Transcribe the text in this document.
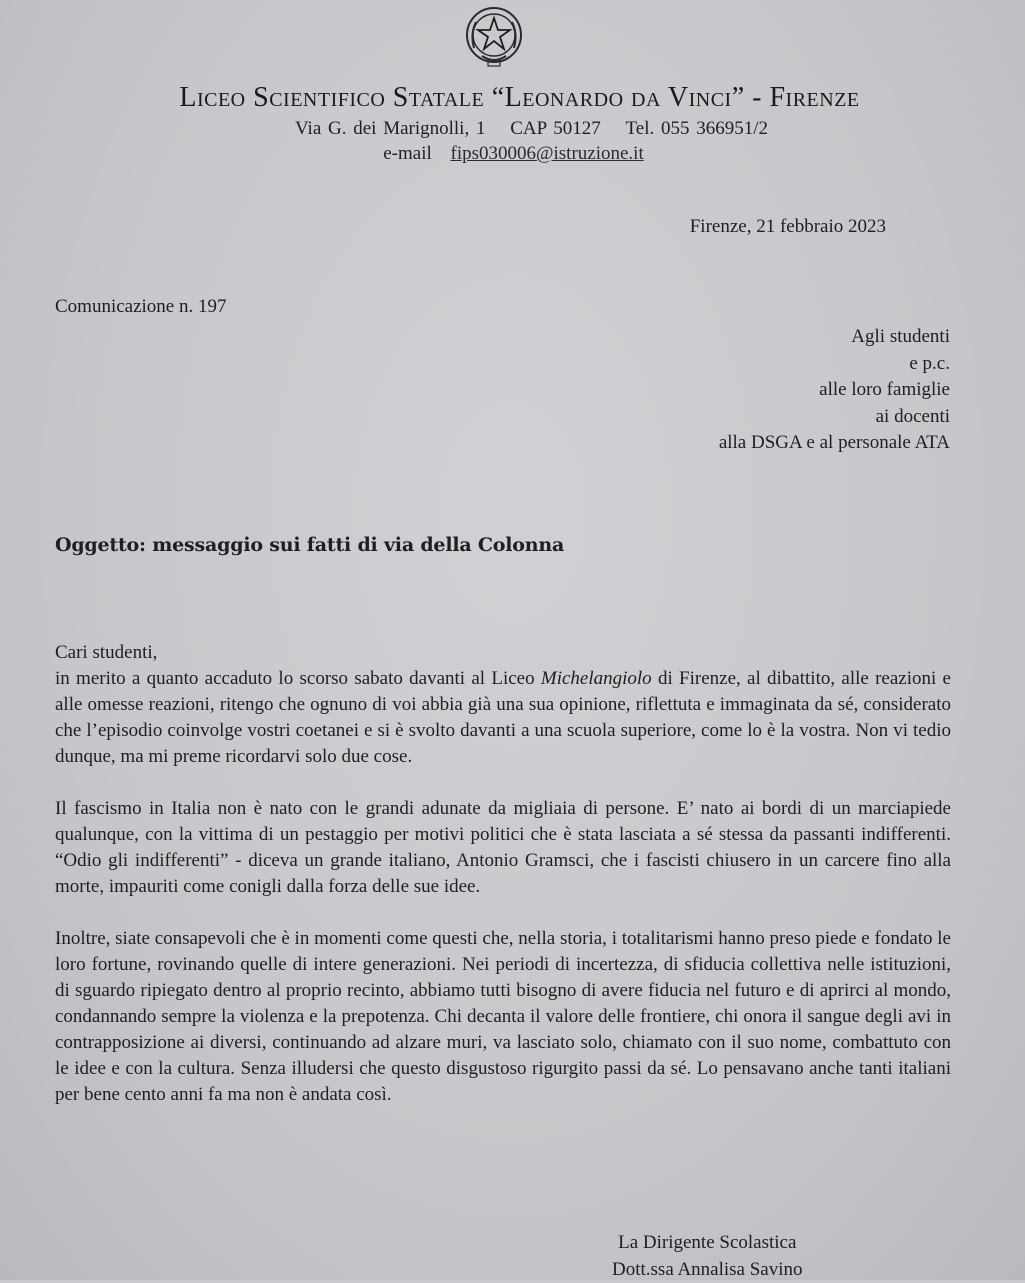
Liceo Scientifico Statale “Leonardo da Vinci” - Firenze
Via G. dei Marignolli, 1 CAP 50127 Tel. 055 366951/2
e-mail fips030006@istruzione.it
Firenze, 21 febbraio 2023
Comunicazione n. 197
Agli studenti
e p.c.
alle loro famiglie
ai docenti
alla DSGA e al personale ATA
Oggetto: messaggio sui fatti di via della Colonna

Cari studenti,
in merito a quanto accaduto lo scorso sabato davanti al Liceo Michelangiolo di Firenze, al dibattito, alle reazioni e alle omesse reazioni, ritengo che ognuno di voi abbia già una sua opinione, riflettuta e immaginata da sé, considerato che l’episodio coinvolge vostri coetanei e si è svolto davanti a una scuola superiore, come lo è la vostra. Non vi tedio dunque, ma mi preme ricordarvi solo due cose.

Il fascismo in Italia non è nato con le grandi adunate da migliaia di persone. E’ nato ai bordi di un marciapiede qualunque, con la vittima di un pestaggio per motivi politici che è stata lasciata a sé stessa da passanti indifferenti. “Odio gli indifferenti” - diceva un grande italiano, Antonio Gramsci, che i fascisti chiusero in un carcere fino alla morte, impauriti come conigli dalla forza delle sue idee.

Inoltre, siate consapevoli che è in momenti come questi che, nella storia, i totalitarismi hanno preso piede e fondato le loro fortune, rovinando quelle di intere generazioni. Nei periodi di incertezza, di sfiducia collettiva nelle istituzioni, di sguardo ripiegato dentro al proprio recinto, abbiamo tutti bisogno di avere fiducia nel futuro e di aprirci al mondo, condannando sempre la violenza e la prepotenza. Chi decanta il valore delle frontiere, chi onora il sangue degli avi in contrapposizione ai diversi, continuando ad alzare muri, va lasciato solo, chiamato con il suo nome, combattuto con le idee e con la cultura. Senza illudersi che questo disgustoso rigurgito passi da sé. Lo pensavano anche tanti italiani per bene cento anni fa ma non è andata così.

La Dirigente Scolastica
Dott.ssa Annalisa Savino
